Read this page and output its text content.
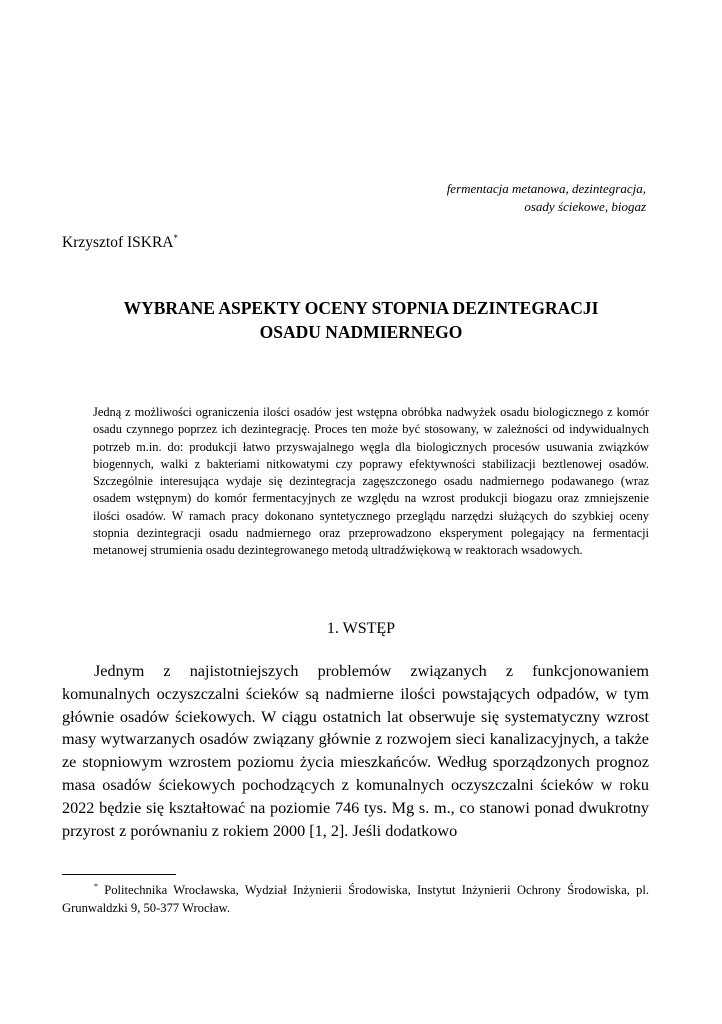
fermentacja metanowa, dezintegracja,
osady ściekowe, biogaz
Krzysztof ISKRA*
WYBRANE ASPEKTY OCENY STOPNIA DEZINTEGRACJI
OSADU NADMIERNEGO

Jedną z możliwości ograniczenia ilości osadów jest wstępna obróbka nadwyżek osadu biologicznego z komór osadu czynnego poprzez ich dezintegrację. Proces ten może być stosowany, w zależności od indywidualnych potrzeb m.in. do: produkcji łatwo przyswajalnego węgla dla biologicznych procesów usuwania związków biogennych, walki z bakteriami nitkowatymi czy poprawy efektywności stabilizacji beztlenowej osadów. Szczególnie interesująca wydaje się dezintegracja zagęszczonego osadu nadmiernego podawanego (wraz osadem wstępnym) do komór fermentacyjnych ze względu na wzrost produkcji biogazu oraz zmniejszenie ilości osadów. W ramach pracy dokonano syntetycznego przeglądu narzędzi służących do szybkiej oceny stopnia dezintegracji osadu nadmiernego oraz przeprowadzono eksperyment polegający na fermentacji metanowej strumienia osadu dezintegrowanego metodą ultradźwiękową w reaktorach wsadowych.

1. WSTĘP

Jednym z najistotniejszych problemów związanych z funkcjonowaniem komunalnych oczyszczalni ścieków są nadmierne ilości powstających odpadów, w tym głównie osadów ściekowych. W ciągu ostatnich lat obserwuje się systematyczny wzrost masy wytwarzanych osadów związany głównie z rozwojem sieci kanalizacyjnych, a także ze stopniowym wzrostem poziomu życia mieszkańców. Według sporządzonych prognoz masa osadów ściekowych pochodzących z komunalnych oczyszczalni ścieków w roku 2022 będzie się kształtować na poziomie 746 tys. Mg s. m., co stanowi ponad dwukrotny przyrost z porównaniu z rokiem 2000 [1, 2]. Jeśli dodatkowo

* Politechnika Wrocławska, Wydział Inżynierii Środowiska, Instytut Inżynierii Ochrony Środowiska, pl. Grunwaldzki 9, 50-377 Wrocław.
